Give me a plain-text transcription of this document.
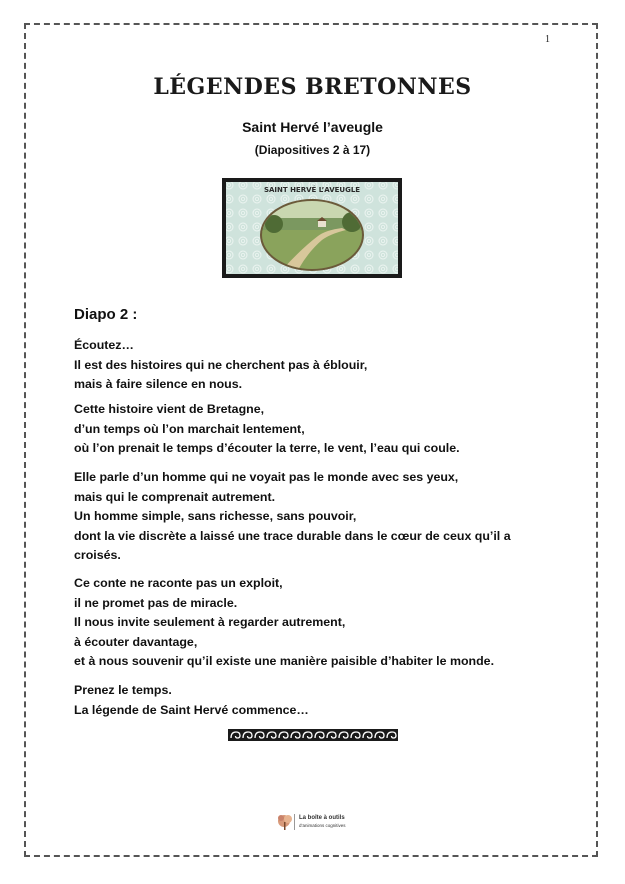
1
LÉGENDES BRETONNES
Saint Hervé l’aveugle
(Diapositives 2 à 17)
SAINT HERVÉ L’AVEUGLE
Diapo 2 :

Écoutez…
Il est des histoires qui ne cherchent pas à éblouir,
mais à faire silence en nous.

Cette histoire vient de Bretagne,
d’un temps où l’on marchait lentement,
où l’on prenait le temps d’écouter la terre, le vent, l’eau qui coule.

Elle parle d’un homme qui ne voyait pas le monde avec ses yeux,
mais qui le comprenait autrement.
Un homme simple, sans richesse, sans pouvoir,
dont la vie discrète a laissé une trace durable dans le cœur de ceux qu’il a croisés.

Ce conte ne raconte pas un exploit,
il ne promet pas de miracle.
Il nous invite seulement à regarder autrement,
à écouter davantage,
et à nous souvenir qu’il existe une manière paisible d’habiter le monde.

Prenez le temps.
La légende de Saint Hervé commence…

La boîte à outils
d’animations cognitives
